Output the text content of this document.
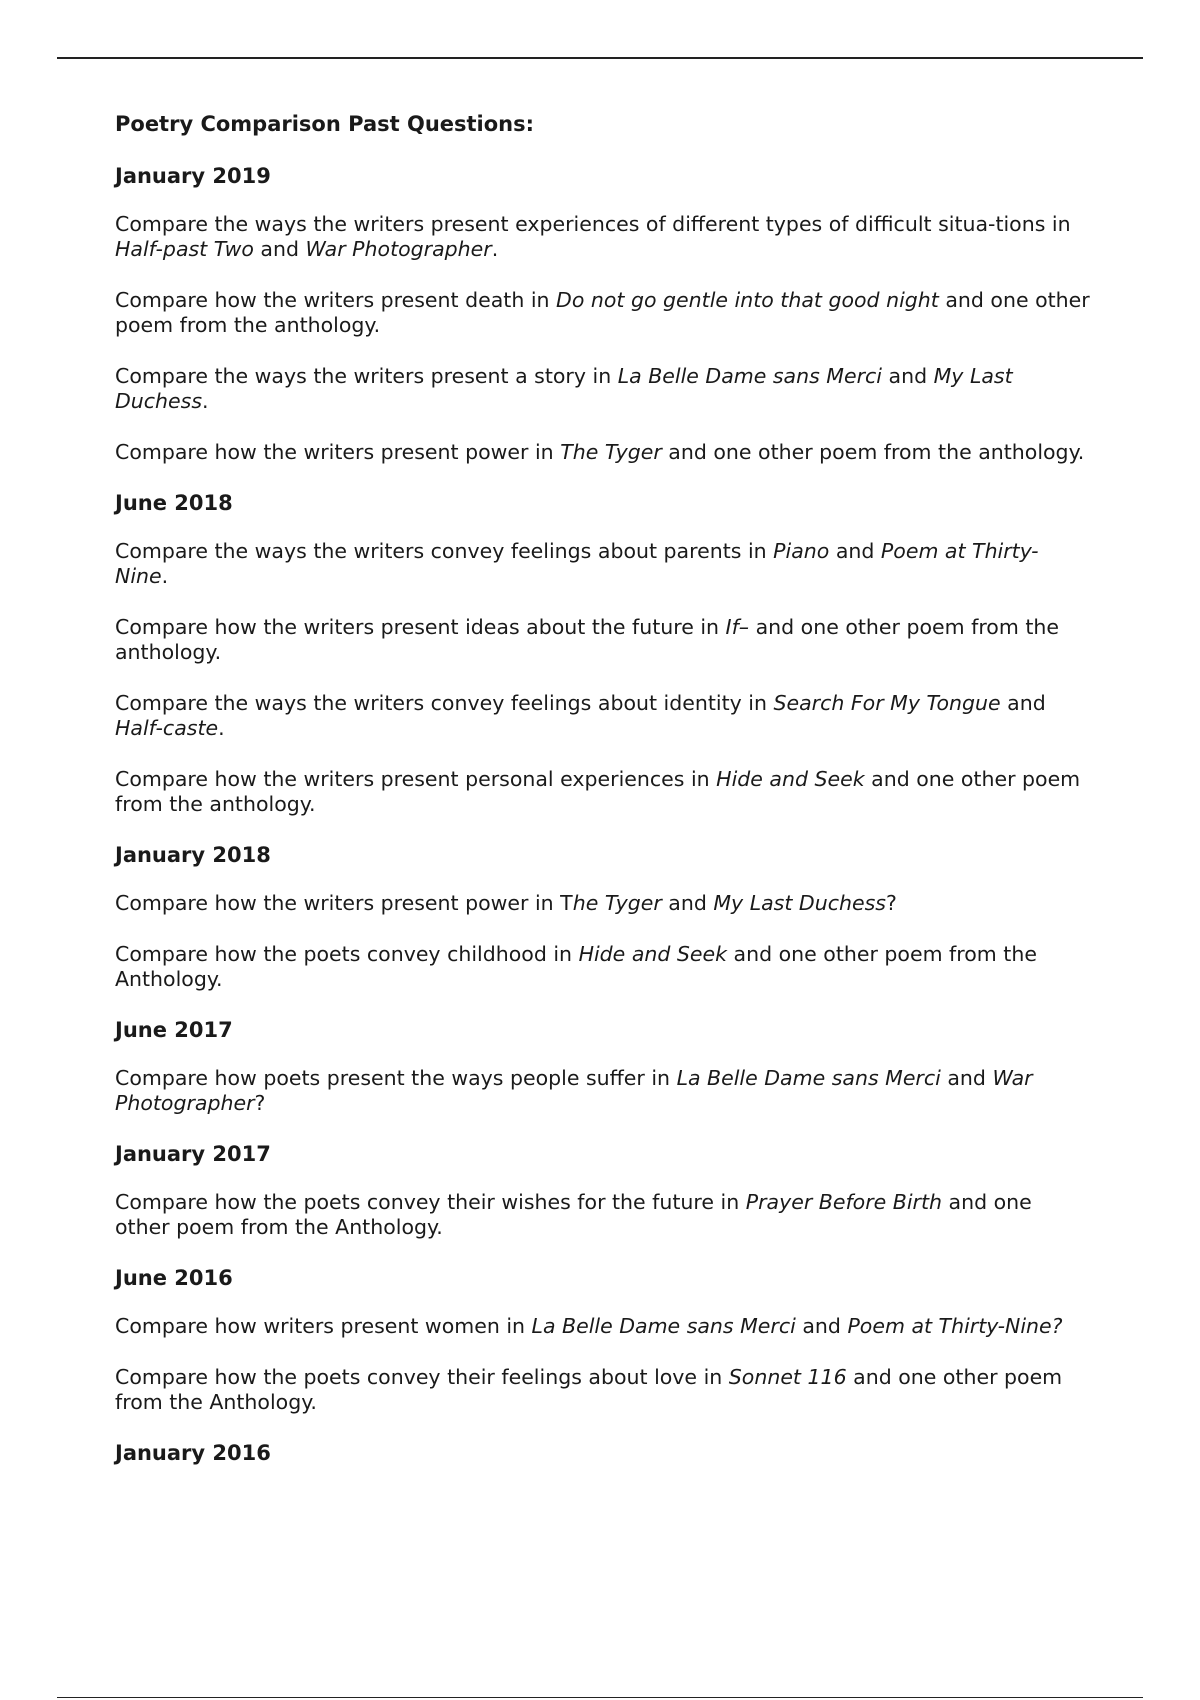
Poetry Comparison Past Questions:
January 2019
Compare the ways the writers present experiences of different types of difficult situa-tions in Half-past Two and War Photographer.
Compare how the writers present death in Do not go gentle into that good night and one other poem from the anthology.
Compare the ways the writers present a story in La Belle Dame sans Merci and My Last Duchess.
Compare how the writers present power in The Tyger and one other poem from the anthology.
June 2018
Compare the ways the writers convey feelings about parents in Piano and Poem at Thirty-Nine.
Compare how the writers present ideas about the future in If– and one other poem from the anthology.
Compare the ways the writers convey feelings about identity in Search For My Tongue and Half-caste.
Compare how the writers present personal experiences in Hide and Seek and one other poem from the anthology.
January 2018
Compare how the writers present power in The Tyger and My Last Duchess?
Compare how the poets convey childhood in Hide and Seek and one other poem from the Anthology.
June 2017
Compare how poets present the ways people suffer in La Belle Dame sans Merci and War Photographer?
January 2017
Compare how the poets convey their wishes for the future in Prayer Before Birth and one other poem from the Anthology.
June 2016
Compare how writers present women in La Belle Dame sans Merci and Poem at Thirty-Nine?
Compare how the poets convey their feelings about love in Sonnet 116 and one other poem from the Anthology.
January 2016
